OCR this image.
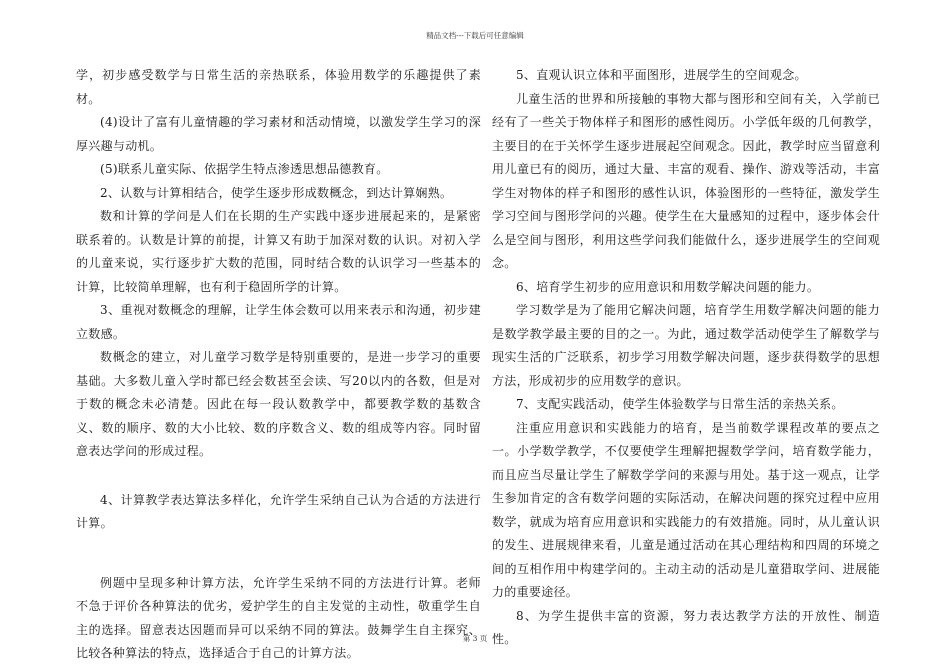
精品文档---下载后可任意编辑

学，初步感受数学与日常生活的亲热联系，体验用数学的乐趣提供了素材。

(4)设计了富有儿童情趣的学习素材和活动情境，以激发学生学习的深厚兴趣与动机。

(5)联系儿童实际、依据学生特点渗透思想品德教育。

2、认数与计算相结合，使学生逐步形成数概念，到达计算娴熟。

数和计算的学问是人们在长期的生产实践中逐步进展起来的，是紧密联系着的。认数是计算的前提，计算又有助于加深对数的认识。对初入学的儿童来说，实行逐步扩大数的范围，同时结合数的认识学习一些基本的计算，比较简单理解，也有利于稳固所学的计算。

3、重视对数概念的理解，让学生体会数可以用来表示和沟通，初步建立数感。

数概念的建立，对儿童学习数学是特别重要的，是进一步学习的重要基础。大多数儿童入学时都已经会数甚至会读、写20以内的各数，但是对于数的概念未必清楚。因此在每一段认数教学中，都要教学数的基数含义、数的顺序、数的大小比较、数的序数含义、数的组成等内容。同时留意表达学问的形成过程。

4、计算教学表达算法多样化，允许学生采纳自己认为合适的方法进行计算。

例题中呈现多种计算方法，允许学生采纳不同的方法进行计算。老师不急于评价各种算法的优劣，爱护学生的自主发觉的主动性，敬重学生自主的选择。留意表达因题而异可以采纳不同的算法。鼓舞学生自主探究、比较各种算法的特点，选择适合于自己的计算方法。

5、直观认识立体和平面图形，进展学生的空间观念。

儿童生活的世界和所接触的事物大都与图形和空间有关，入学前已经有了一些关于物体样子和图形的感性阅历。小学低年级的几何教学，主要目的在于关怀学生逐步进展起空间观念。因此，教学时应当留意利用儿童已有的阅历，通过大量、丰富的观看、操作、游戏等活动，丰富学生对物体的样子和图形的感性认识，体验图形的一些特征，激发学生学习空间与图形学问的兴趣。使学生在大量感知的过程中，逐步体会什么是空间与图形，利用这些学问我们能做什么，逐步进展学生的空间观念。

6、培育学生初步的应用意识和用数学解决问题的能力。

学习数学是为了能用它解决问题，培育学生用数学解决问题的能力是数学教学最主要的目的之一。为此，通过数学活动使学生了解数学与现实生活的广泛联系，初步学习用数学解决问题，逐步获得数学的思想方法，形成初步的应用数学的意识。

7、支配实践活动，使学生体验数学与日常生活的亲热关系。

注重应用意识和实践能力的培育，是当前数学课程改革的要点之一。小学数学教学，不仅要使学生理解把握数学学问，培育数学能力，而且应当尽量让学生了解数学学问的来源与用处。基于这一观点，让学生参加肯定的含有数学问题的实际活动，在解决问题的探究过程中应用数学，就成为培育应用意识和实践能力的有效措施。同时，从儿童认识的发生、进展规律来看，儿童是通过活动在其心理结构和四周的环境之间的互相作用中构建学问的。主动主动的活动是儿童猎取学问、进展能力的重要途径。

8、为学生提供丰富的资源，努力表达教学方法的开放性、制造性。

第 3 页
